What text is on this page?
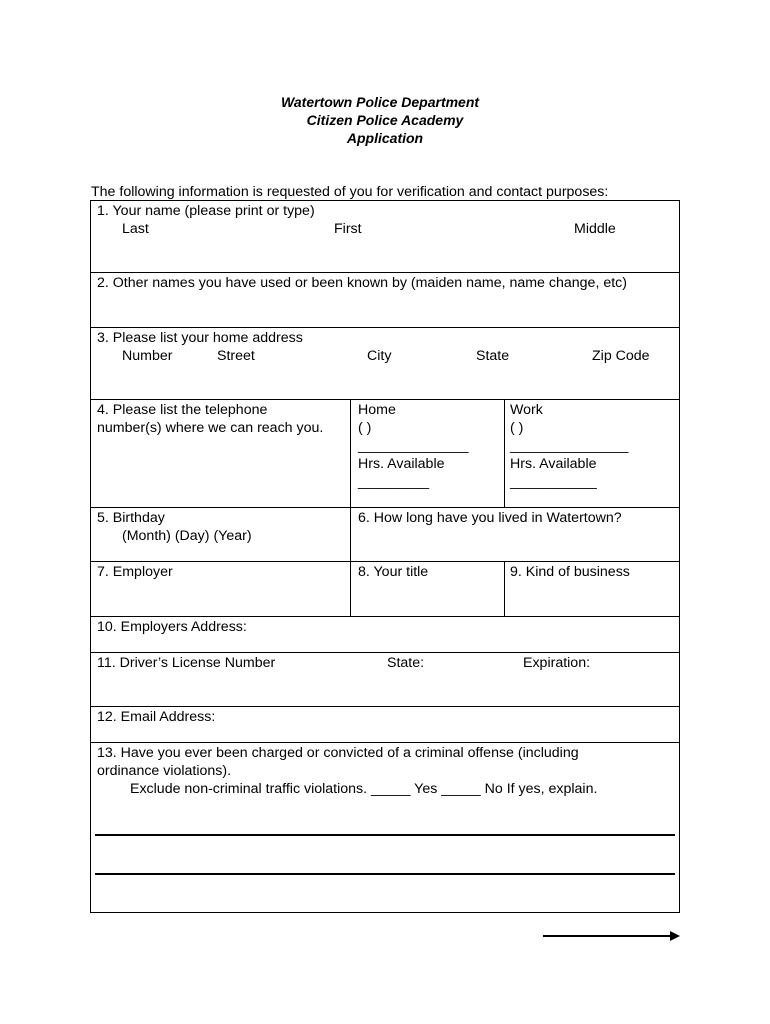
Watertown Police Department
Citizen Police Academy
Application
The following information is requested of you for verification and contact purposes:
1. Your name (please print or type)
Last	First	Middle
2. Other names you have used or been known by (maiden name, name change, etc)
3. Please list your home address
Number	Street	City	State	Zip Code
4. Please list the telephone
number(s) where we can reach you.
Home
( )
______________
Hrs. Available
_________
Work
( )
_______________
Hrs. Available
___________
5. Birthday
(Month) (Day) (Year)
6. How long have you lived in Watertown?
7. Employer	8. Your title	9. Kind of business
10. Employers Address:
11. Driver’s License Number	State:	Expiration:
12. Email Address:
13. Have you ever been charged or convicted of a criminal offense (including
ordinance violations).
Exclude non-criminal traffic violations. _____ Yes _____ No If yes, explain.
